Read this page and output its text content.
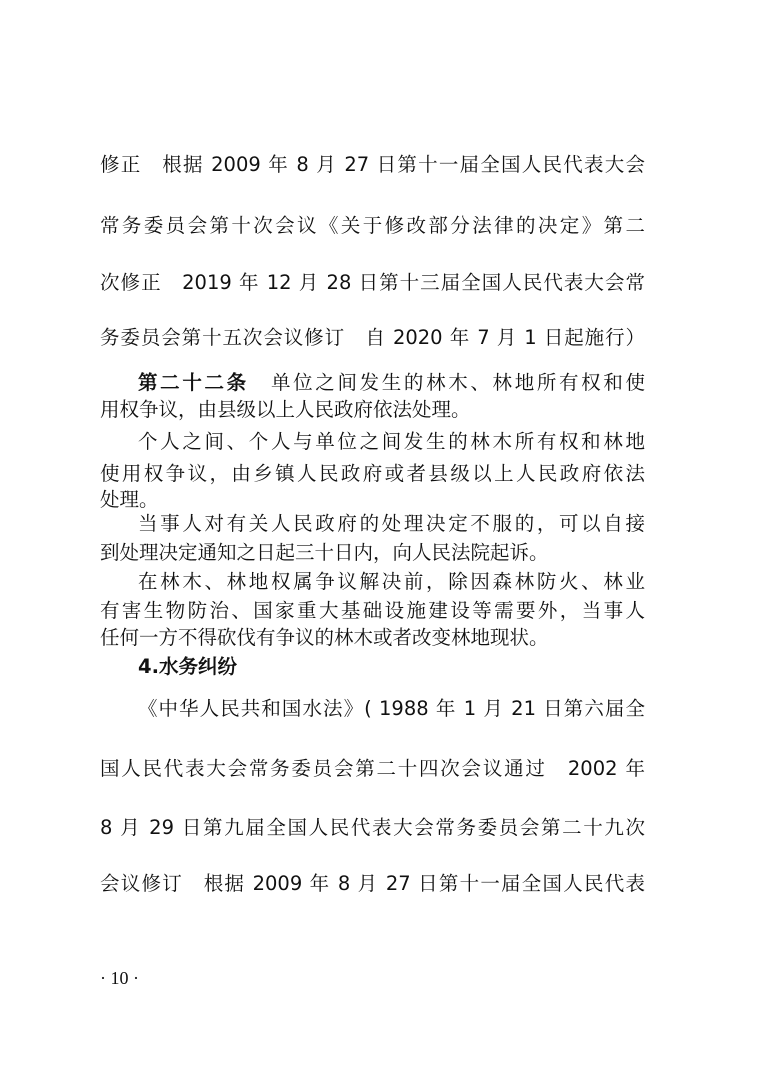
修正　根据 2009 年 8 月 27 日第十一届全国人民代表大会
常务委员会第十次会议《关于修改部分法律的决定》第二
次修正　2019 年 12 月 28 日第十三届全国人民代表大会常
务委员会第十五次会议修订　自 2020 年 7 月 1 日起施行）
第二十二条　 单位之间发生的林木、林地所有权和使
用权争议，由县级以上人民政府依法处理。
个人之间、个人与单位之间发生的林木所有权和林地
使用权争议，由乡镇人民政府或者县级以上人民政府依法
处理。
当事人对有关人民政府的处理决定不服的，可以自接
到处理决定通知之日起三十日内，向人民法院起诉。
在林木、林地权属争议解决前，除因森林防火、林业
有害生物防治、国家重大基础设施建设等需要外，当事人
任何一方不得砍伐有争议的林木或者改变林地现状。
4.水务纠纷
《中华人民共和国水法》( 1988 年 1 月 21 日第六届全
国人民代表大会常务委员会第二十四次会议通过　2002 年
8 月 29 日第九届全国人民代表大会常务委员会第二十九次
会议修订　根据 2009 年 8 月 27 日第十一届全国人民代表
· 10 ·
